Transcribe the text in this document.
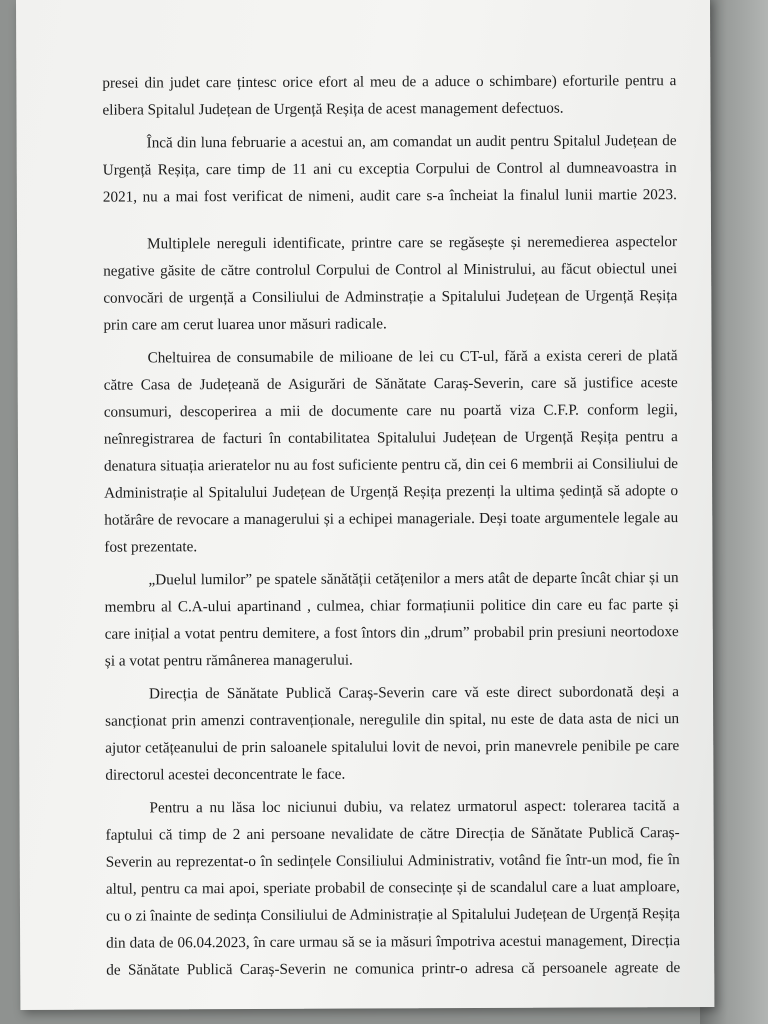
presei din judet care țintesc orice efort al meu de a aduce o schimbare) eforturile pentru a
elibera Spitalul Județean de Urgență Reșița de acest management defectuos.

Încă din luna februarie a acestui an, am comandat un audit pentru Spitalul Județean de
Urgență Reșița, care timp de 11 ani cu exceptia Corpului de Control al dumneavoastra in
2021, nu a mai fost verificat de nimeni, audit care s-a încheiat la finalul lunii martie 2023.

Multiplele nereguli identificate, printre care se regăsește și neremedierea aspectelor
negative găsite de către controlul Corpului de Control al Ministrului, au făcut obiectul unei
convocări de urgență a Consiliului de Adminstrație a Spitalului Județean de Urgență Reșița
prin care am cerut luarea unor măsuri radicale.

Cheltuirea de consumabile de milioane de lei cu CT-ul, fără a exista cereri de plată
către Casa de Județeană de Asigurări de Sănătate Caraș-Severin, care să justifice aceste
consumuri, descoperirea a mii de documente care nu poartă viza C.F.P. conform legii,
neînregistrarea de facturi în contabilitatea Spitalului Județean de Urgență Reșița pentru a
denatura situația arieratelor nu au fost suficiente pentru că, din cei 6 membrii ai Consiliului de
Administrație al Spitalului Județean de Urgență Reșița prezenți la ultima ședință să adopte o
hotărâre de revocare a managerului și a echipei manageriale. Deși toate argumentele legale au
fost prezentate.

„Duelul lumilor” pe spatele sănătății cetățenilor a mers atât de departe încât chiar și un
membru al C.A-ului apartinand , culmea, chiar formațiunii politice din care eu fac parte și
care inițial a votat pentru demitere, a fost întors din „drum” probabil prin presiuni neortodoxe
și a votat pentru rămânerea managerului.

Direcția de Sănătate Publică Caraș-Severin care vă este direct subordonată deși a
sancționat prin amenzi contravenționale, neregulile din spital, nu este de data asta de nici un
ajutor cetățeanului de prin saloanele spitalului lovit de nevoi, prin manevrele penibile pe care
directorul acestei deconcentrate le face.

Pentru a nu lăsa loc niciunui dubiu, va relatez urmatorul aspect: tolerarea tacită a
faptului că timp de 2 ani persoane nevalidate de către Direcția de Sănătate Publică Caraș-
Severin au reprezentat-o în sedințele Consiliului Administrativ, votând fie într-un mod, fie în
altul, pentru ca mai apoi, speriate probabil de consecințe și de scandalul care a luat amploare,
cu o zi înainte de sedința Consiliului de Administrație al Spitalului Județean de Urgență Reșița
din data de 06.04.2023, în care urmau să se ia măsuri împotriva acestui management, Direcția
de Sănătate Publică Caraș-Severin ne comunica printr-o adresa că persoanele agreate de
